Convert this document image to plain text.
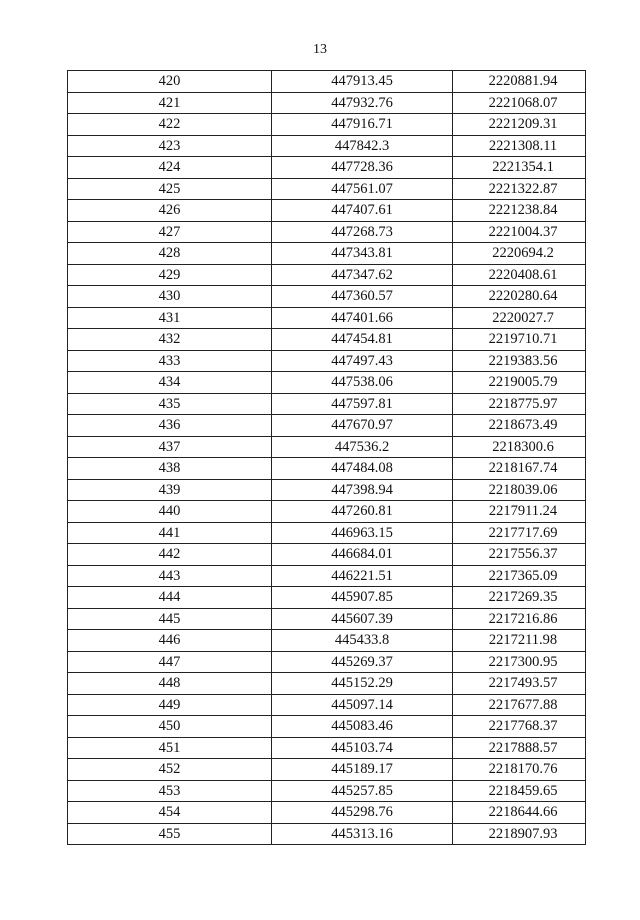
13
420	447913.45	2220881.94
421	447932.76	2221068.07
422	447916.71	2221209.31
423	447842.3	2221308.11
424	447728.36	2221354.1
425	447561.07	2221322.87
426	447407.61	2221238.84
427	447268.73	2221004.37
428	447343.81	2220694.2
429	447347.62	2220408.61
430	447360.57	2220280.64
431	447401.66	2220027.7
432	447454.81	2219710.71
433	447497.43	2219383.56
434	447538.06	2219005.79
435	447597.81	2218775.97
436	447670.97	2218673.49
437	447536.2	2218300.6
438	447484.08	2218167.74
439	447398.94	2218039.06
440	447260.81	2217911.24
441	446963.15	2217717.69
442	446684.01	2217556.37
443	446221.51	2217365.09
444	445907.85	2217269.35
445	445607.39	2217216.86
446	445433.8	2217211.98
447	445269.37	2217300.95
448	445152.29	2217493.57
449	445097.14	2217677.88
450	445083.46	2217768.37
451	445103.74	2217888.57
452	445189.17	2218170.76
453	445257.85	2218459.65
454	445298.76	2218644.66
455	445313.16	2218907.93
